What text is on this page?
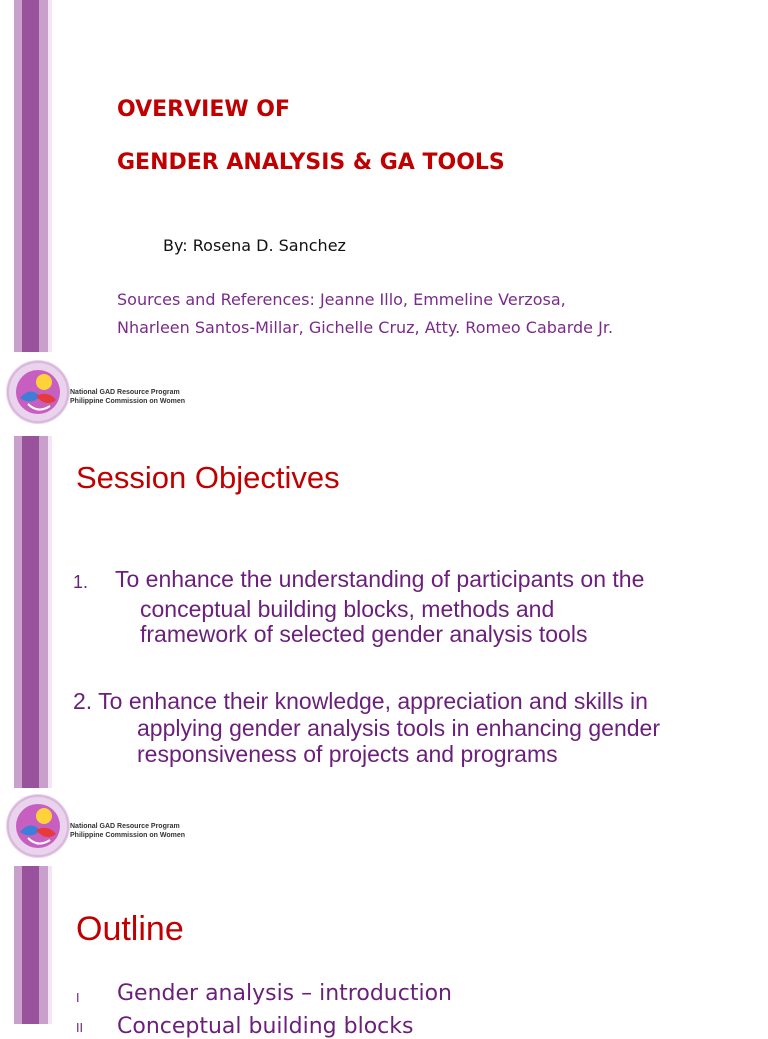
OVERVIEW OF
GENDER ANALYSIS & GA TOOLS
By: Rosena D. Sanchez
Sources and References: Jeanne Illo, Emmeline Verzosa,
Nharleen Santos-Millar, Gichelle Cruz, Atty. Romeo Cabarde Jr.
National GAD Resource Program
Philippine Commission on Women
Session Objectives
1. To enhance the understanding of participants on the
conceptual building blocks, methods and
framework of selected gender analysis tools
2. To enhance their knowledge, appreciation and skills in
applying gender analysis tools in enhancing gender
responsiveness of projects and programs
National GAD Resource Program
Philippine Commission on Women
Outline
I Gender analysis – introduction
II Conceptual building blocks
